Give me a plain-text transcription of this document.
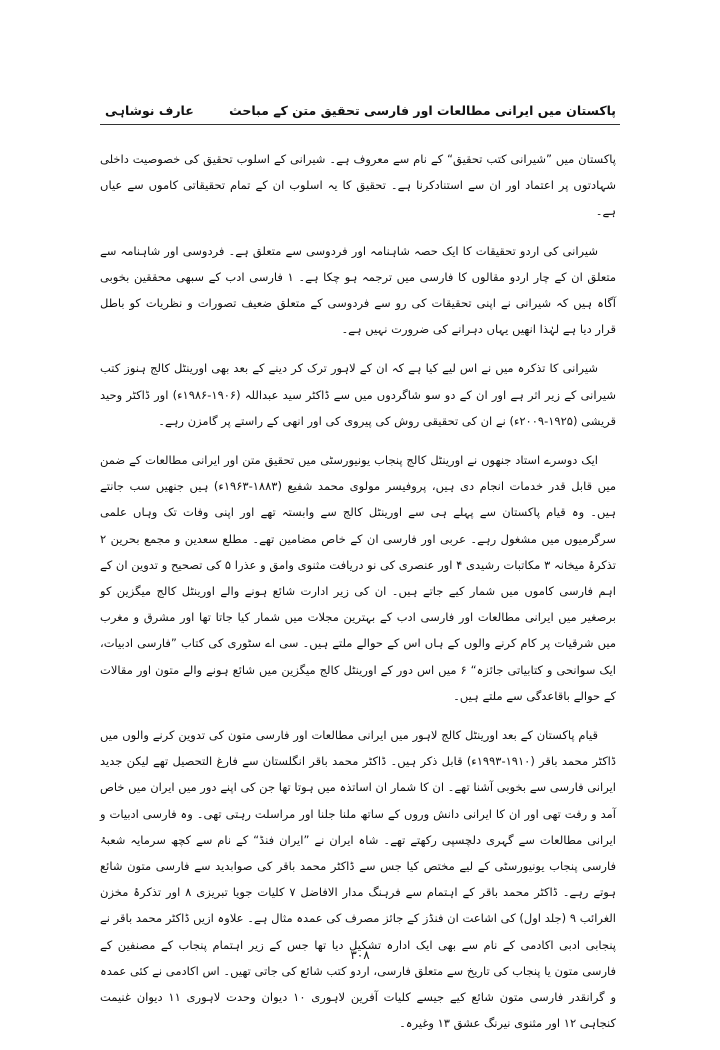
عارف نوشاہی	پاکستان میں ایرانی مطالعات اور فارسی تحقیق متن کے مباحث

پاکستان میں ”شیرانی کتب تحقیق“ کے نام سے معروف ہے۔ شیرانی کے اسلوب تحقیق کی خصوصیت داخلی شہادتوں پر اعتماد اور ان سے استنادکرنا ہے۔ تحقیق کا یہ اسلوب ان کے تمام تحقیقاتی کاموں سے عیاں ہے۔

شیرانی کی اردو تحقیقات کا ایک حصہ شاہنامہ اور فردوسی سے متعلق ہے۔ فردوسی اور شاہنامہ سے متعلق ان کے چار اردو مقالوں کا فارسی میں ترجمہ ہو چکا ہے۔ ۱ فارسی ادب کے سبھی محققین بخوبی آگاہ ہیں کہ شیرانی نے اپنی تحقیقات کی رو سے فردوسی کے متعلق ضعیف تصورات و نظریات کو باطل قرار دیا ہے لہٰذا انھیں یہاں دہرانے کی ضرورت نہیں ہے۔

شیرانی کا تذکرہ میں نے اس لیے کیا ہے کہ ان کے لاہور ترک کر دینے کے بعد بھی اورینٹل کالج ہنوز کتب شیرانی کے زیر اثر ہے اور ان کے دو سو شاگردوں میں سے ڈاکٹر سید عبداللہ (۱۹۰۶-۱۹۸۶ء) اور ڈاکٹر وحید قریشی (۱۹۲۵-۲۰۰۹ء) نے ان کی تحقیقی روش کی پیروی کی اور انھی کے راستے پر گامزن رہے۔

ایک دوسرے استاد جنھوں نے اورینٹل کالج پنجاب یونیورسٹی میں تحقیق متن اور ایرانی مطالعات کے ضمن میں قابل قدر خدمات انجام دی ہیں، پروفیسر مولوی محمد شفیع (۱۸۸۳-۱۹۶۳ء) ہیں جنھیں سب جانتے ہیں۔ وہ قیام پاکستان سے پہلے ہی سے اورینٹل کالج سے وابستہ تھے اور اپنی وفات تک وہاں علمی سرگرمیوں میں مشغول رہے۔ عربی اور فارسی ان کے خاص مضامین تھے۔ مطلع سعدین و مجمع بحرین ۲ تذکرۂ میخانہ ۳ مکاتبات رشیدی ۴ اور عنصری کی نو دریافت مثنوی وامق و عذرا ۵ کی تصحیح و تدوین ان کے اہم فارسی کاموں میں شمار کیے جاتے ہیں۔ ان کی زیر ادارت شائع ہونے والے اورینٹل کالج میگزین کو برصغیر میں ایرانی مطالعات اور فارسی ادب کے بہترین مجلات میں شمار کیا جاتا تھا اور مشرق و مغرب میں شرقیات پر کام کرنے والوں کے ہاں اس کے حوالے ملتے ہیں۔ سی اے سٹوری کی کتاب ”فارسی ادبیات، ایک سوانحی و کتابیاتی جائزہ“ ۶ میں اس دور کے اورینٹل کالج میگزین میں شائع ہونے والے متون اور مقالات کے حوالے باقاعدگی سے ملتے ہیں۔

قیام پاکستان کے بعد اورینٹل کالج لاہور میں ایرانی مطالعات اور فارسی متون کی تدوین کرنے والوں میں ڈاکٹر محمد باقر (۱۹۱۰-۱۹۹۳ء) قابل ذکر ہیں۔ ڈاکٹر محمد باقر انگلستان سے فارغ التحصیل تھے لیکن جدید ایرانی فارسی سے بخوبی آشنا تھے۔ ان کا شمار ان اساتذہ میں ہوتا تھا جن کی اپنے دور میں ایران میں خاص آمد و رفت تھی اور ان کا ایرانی دانش وروں کے ساتھ ملنا جلنا اور مراسلت رہتی تھی۔ وہ فارسی ادبیات و ایرانی مطالعات سے گہری دلچسپی رکھتے تھے۔ شاہ ایران نے ”ایران فنڈ“ کے نام سے کچھ سرمایہ شعبۂ فارسی پنجاب یونیورسٹی کے لیے مختص کیا جس سے ڈاکٹر محمد باقر کی صوابدید سے فارسی متون شائع ہوتے رہے۔ ڈاکٹر محمد باقر کے اہتمام سے فرہنگ مدار الافاضل ۷ کلیات جویا تبریزی ۸ اور تذکرۂ مخزن الغرائب ۹ (جلد اول) کی اشاعت ان فنڈز کے جائز مصرف کی عمدہ مثال ہے۔ علاوہ ازیں ڈاکٹر محمد باقر نے پنجابی ادبی اکادمی کے نام سے بھی ایک ادارہ تشکیل دیا تھا جس کے زیر اہتمام پنجاب کے مصنفین کے فارسی متون یا پنجاب کی تاریخ سے متعلق فارسی، اردو کتب شائع کی جاتی تھیں۔ اس اکادمی نے کئی عمدہ و گرانقدر فارسی متون شائع کیے جیسے کلیات آفرین لاہوری ۱۰ دیوان وحدت لاہوری ۱۱ دیوان غنیمت کنجاہی ۱۲ اور مثنوی نیرنگ عشق ۱۳ وغیرہ۔

۳۰۸
